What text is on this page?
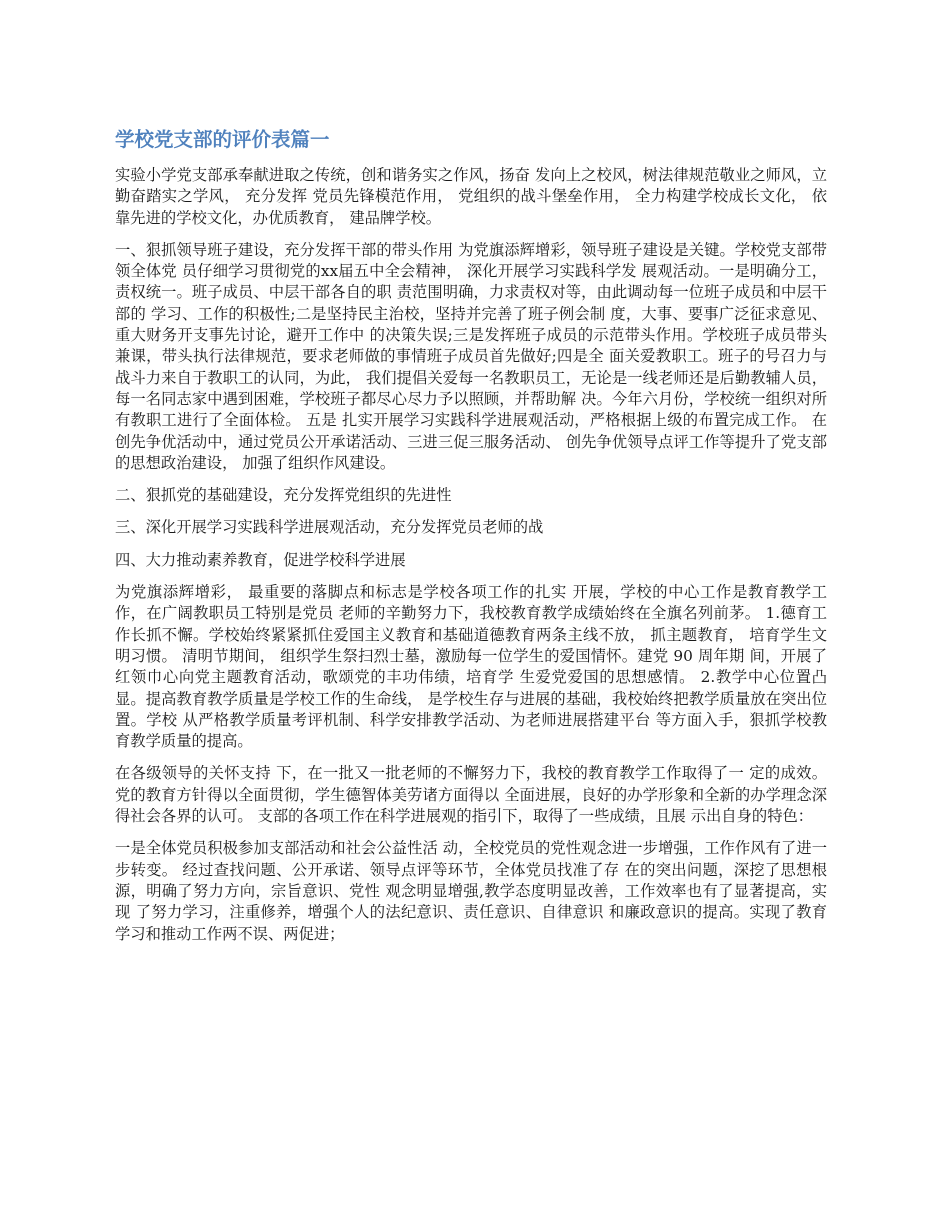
学校党支部的评价表篇一

实验小学党支部承奉献进取之传统，创和谐务实之作风，扬奋 发向上之校风，树法律规范敬业之师风，立勤奋踏实之学风， 充分发挥 党员先锋模范作用， 党组织的战斗堡垒作用， 全力构建学校成长文化， 依靠先进的学校文化，办优质教育， 建品牌学校。

一、狠抓领导班子建设，充分发挥干部的带头作用 为党旗添辉增彩，领导班子建设是关键。学校党支部带领全体党 员仔细学习贯彻党的xx届五中全会精神， 深化开展学习实践科学发 展观活动。一是明确分工，责权统一。班子成员、中层干部各自的职 责范围明确，力求责权对等，由此调动每一位班子成员和中层干部的 学习、工作的积极性;二是坚持民主治校，坚持并完善了班子例会制 度，大事、要事广泛征求意见、重大财务开支事先讨论，避开工作中 的决策失误;三是发挥班子成员的示范带头作用。学校班子成员带头兼课，带头执行法律规范，要求老师做的事情班子成员首先做好;四是全 面关爱教职工。班子的号召力与战斗力来自于教职工的认同，为此， 我们提倡关爱每一名教职员工，无论是一线老师还是后勤教辅人员， 每一名同志家中遇到困难，学校班子都尽心尽力予以照顾，并帮助解 决。今年六月份，学校统一组织对所有教职工进行了全面体检。 五是 扎实开展学习实践科学进展观活动，严格根据上级的布置完成工作。 在创先争优活动中，通过党员公开承诺活动、三进三促三服务活动、 创先争优领导点评工作等提升了党支部的思想政治建设， 加强了组织作风建设。

二、狠抓党的基础建设，充分发挥党组织的先进性

三、深化开展学习实践科学进展观活动，充分发挥党员老师的战

四、大力推动素养教育，促进学校科学进展

为党旗添辉增彩， 最重要的落脚点和标志是学校各项工作的扎实 开展，学校的中心工作是教育教学工作，在广阔教职员工特别是党员 老师的辛勤努力下，我校教育教学成绩始终在全旗名列前茅。 1.德育工作长抓不懈。学校始终紧紧抓住爱国主义教育和基础道德教育两条主线不放， 抓主题教育， 培育学生文明习惯。 清明节期间， 组织学生祭扫烈士墓，激励每一位学生的爱国情怀。建党 90 周年期 间，开展了红领巾心向党主题教育活动，歌颂党的丰功伟绩，培育学 生爱党爱国的思想感情。 2.教学中心位置凸显。提高教育教学质量是学校工作的生命线， 是学校生存与进展的基础，我校始终把教学质量放在突出位置。学校 从严格教学质量考评机制、科学安排教学活动、为老师进展搭建平台 等方面入手，狠抓学校教育教学质量的提高。

在各级领导的关怀支持 下，在一批又一批老师的不懈努力下，我校的教育教学工作取得了一 定的成效。党的教育方针得以全面贯彻，学生德智体美劳诸方面得以 全面进展，良好的办学形象和全新的办学理念深得社会各界的认可。 支部的各项工作在科学进展观的指引下，取得了一些成绩，且展 示出自身的特色：

一是全体党员积极参加支部活动和社会公益性活 动，全校党员的党性观念进一步增强，工作作风有了进一步转变。 经过查找问题、公开承诺、领导点评等环节，全体党员找准了存 在的突出问题，深挖了思想根源，明确了努力方向，宗旨意识、党性 观念明显增强,教学态度明显改善，工作效率也有了显著提高，实现 了努力学习，注重修养，增强个人的法纪意识、责任意识、自律意识 和廉政意识的提高。实现了教育学习和推动工作两不误、两促进；
